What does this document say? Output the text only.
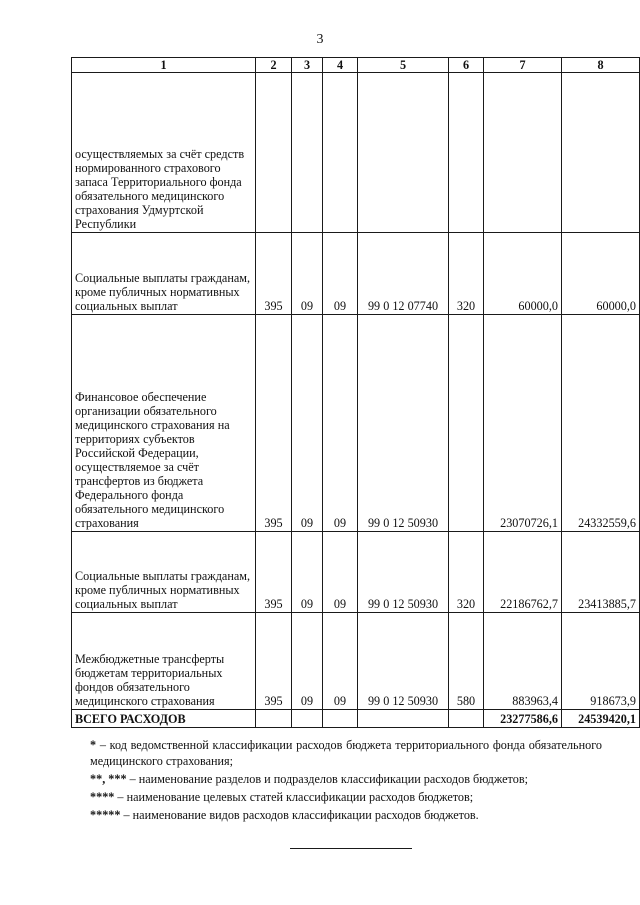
3
1	2	3	4	5	6	7	8
осуществляемых за счёт средств нормированного страхового запаса Территориального фонда обязательного медицинского страхования Удмуртской Республики							
Социальные выплаты гражданам, кроме публичных нормативных социальных выплат	395	09	09	99 0 12 07740	320	60000,0	60000,0
Финансовое обеспечение организации обязательного медицинского страхования на территориях субъектов Российской Федерации, осуществляемое за счёт трансфертов из бюджета Федерального фонда обязательного медицинского страхования	395	09	09	99 0 12 50930		23070726,1	24332559,6
Социальные выплаты гражданам, кроме публичных нормативных социальных выплат	395	09	09	99 0 12 50930	320	22186762,7	23413885,7
Межбюджетные трансферты бюджетам территориальных фондов обязательного медицинского страхования	395	09	09	99 0 12 50930	580	883963,4	918673,9
ВСЕГО РАСХОДОВ						23277586,6	24539420,1

* – код ведомственной классификации расходов бюджета территориального фонда обязательного медицинского страхования;

**, *** – наименование разделов и подразделов классификации расходов бюджетов;

**** – наименование целевых статей классификации расходов бюджетов;

***** – наименование видов расходов классификации расходов бюджетов.
